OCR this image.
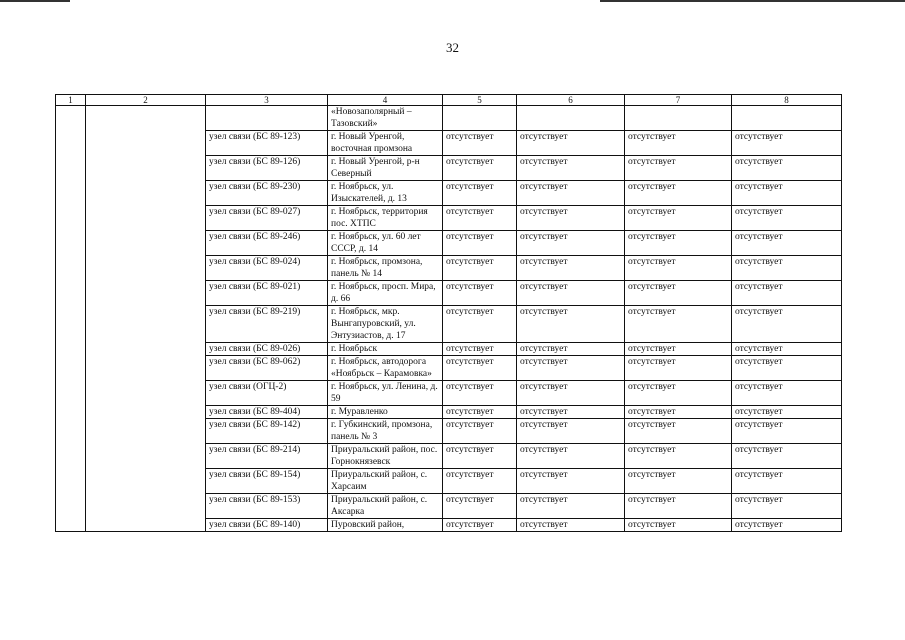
32
1	2	3	4	5	6	7	8
			«Новозаполярный – Тазовский»				
		узел связи (БС 89-123)	г. Новый Уренгой, восточная промзона	отсутствует	отсутствует	отсутствует	отсутствует
		узел связи (БС 89-126)	г. Новый Уренгой, р-н Северный	отсутствует	отсутствует	отсутствует	отсутствует
		узел связи (БС 89-230)	г. Ноябрьск, ул. Изыскателей, д. 13	отсутствует	отсутствует	отсутствует	отсутствует
		узел связи (БС 89-027)	г. Ноябрьск, территория пос. ХТПС	отсутствует	отсутствует	отсутствует	отсутствует
		узел связи (БС 89-246)	г. Ноябрьск, ул. 60 лет СССР, д. 14	отсутствует	отсутствует	отсутствует	отсутствует
		узел связи (БС 89-024)	г. Ноябрьск, промзона, панель № 14	отсутствует	отсутствует	отсутствует	отсутствует
		узел связи (БС 89-021)	г. Ноябрьск, просп. Мира, д. 66	отсутствует	отсутствует	отсутствует	отсутствует
		узел связи (БС 89-219)	г. Ноябрьск, мкр. Вынгапуровский, ул. Энтузиастов, д. 17	отсутствует	отсутствует	отсутствует	отсутствует
		узел связи (БС 89-026)	г. Ноябрьск	отсутствует	отсутствует	отсутствует	отсутствует
		узел связи (БС 89-062)	г. Ноябрьск, автодорога «Ноябрьск – Карамовка»	отсутствует	отсутствует	отсутствует	отсутствует
		узел связи (ОГЦ-2)	г. Ноябрьск, ул. Ленина, д. 59	отсутствует	отсутствует	отсутствует	отсутствует
		узел связи (БС 89-404)	г. Муравленко	отсутствует	отсутствует	отсутствует	отсутствует
		узел связи (БС 89-142)	г. Губкинский, промзона, панель № 3	отсутствует	отсутствует	отсутствует	отсутствует
		узел связи (БС 89-214)	Приуральский район, пос. Горнокнязевск	отсутствует	отсутствует	отсутствует	отсутствует
		узел связи (БС 89-154)	Приуральский район, с. Харсаим	отсутствует	отсутствует	отсутствует	отсутствует
		узел связи (БС 89-153)	Приуральский район, с. Аксарка	отсутствует	отсутствует	отсутствует	отсутствует
		узел связи (БС 89-140)	Пуровский район,	отсутствует	отсутствует	отсутствует	отсутствует
